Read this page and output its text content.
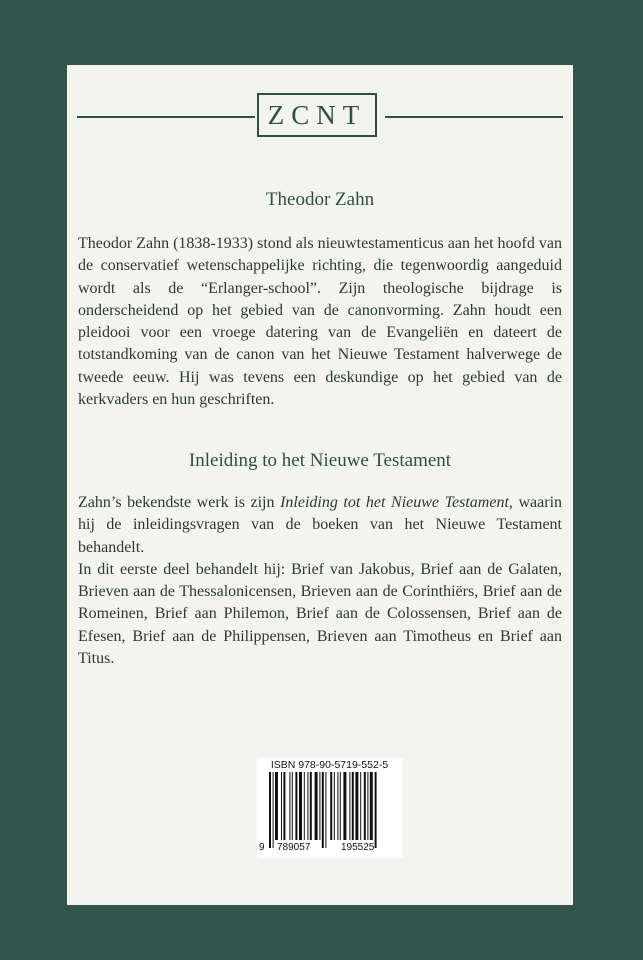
ZCNT
Theodor Zahn

Theodor Zahn (1838-1933) stond als nieuwtestamenticus aan het hoofd van de conservatief wetenschappelijke richting, die tegenwoordig aangeduid wordt als de “Erlanger-school”. Zijn theologische bijdrage is onderscheidend op het gebied van de canonvorming. Zahn houdt een pleidooi voor een vroege datering van de Evangeliën en dateert de totstandkoming van de canon van het Nieuwe Testament halverwege de tweede eeuw. Hij was tevens een deskundige op het gebied van de kerkvaders en hun geschriften.

Inleiding to het Nieuwe Testament

Zahn’s bekendste werk is zijn Inleiding tot het Nieuwe Testament, waarin hij de inleidingsvragen van de boeken van het Nieuwe Testament behandelt.

In dit eerste deel behandelt hij: Brief van Jakobus, Brief aan de Galaten, Brieven aan de Thessalonicensen, Brieven aan de Corinthiërs, Brief aan de Romeinen, Brief aan Philemon, Brief aan de Colossensen, Brief aan de Efesen, Brief aan de Philippensen, Brieven aan Timotheus en Brief aan Titus.

ISBN 978-90-5719-552-5
9 789057	195525
